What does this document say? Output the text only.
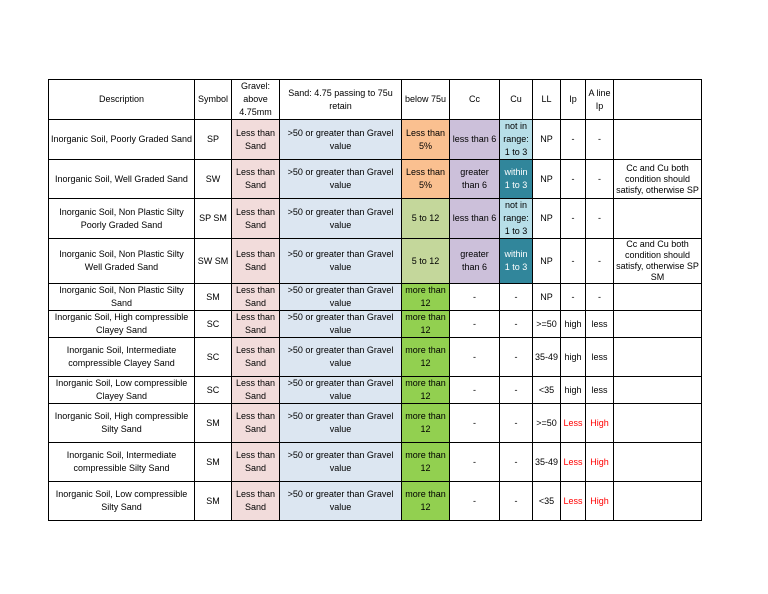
Description	Symbol	Gravel: above 4.75mm	Sand: 4.75 passing to 75u retain	below 75u	Cc	Cu	LL	Ip	A line Ip	
Inorganic Soil, Poorly Graded Sand	SP	Less than Sand	>50 or greater than Gravel value	Less than 5%	less than 6	not in range: 1 to 3	NP	-	-	
Inorganic Soil, Well Graded Sand	SW	Less than Sand	>50 or greater than Gravel value	Less than 5%	greater than 6	within 1 to 3	NP	-	-	Cc and Cu both condition should satisfy, otherwise SP
Inorganic Soil, Non Plastic Silty Poorly Graded Sand	SP SM	Less than Sand	>50 or greater than Gravel value	5 to 12	less than 6	not in range: 1 to 3	NP	-	-	
Inorganic Soil, Non Plastic Silty Well Graded Sand	SW SM	Less than Sand	>50 or greater than Gravel value	5 to 12	greater than 6	within 1 to 3	NP	-	-	Cc and Cu both condition should satisfy, otherwise SP SM
Inorganic Soil, Non Plastic Silty Sand	SM	Less than Sand	>50 or greater than Gravel value	more than 12	-	-	NP	-	-	
Inorganic Soil, High compressible Clayey Sand	SC	Less than Sand	>50 or greater than Gravel value	more than 12	-	-	>=50	high	less	
Inorganic Soil, Intermediate compressible Clayey Sand	SC	Less than Sand	>50 or greater than Gravel value	more than 12	-	-	35-49	high	less	
Inorganic Soil, Low compressible Clayey Sand	SC	Less than Sand	>50 or greater than Gravel value	more than 12	-	-	<35	high	less	
Inorganic Soil, High compressible Silty Sand	SM	Less than Sand	>50 or greater than Gravel value	more than 12	-	-	>=50	Less	High	
Inorganic Soil, Intermediate compressible Silty Sand	SM	Less than Sand	>50 or greater than Gravel value	more than 12	-	-	35-49	Less	High	
Inorganic Soil, Low compressible Silty Sand	SM	Less than Sand	>50 or greater than Gravel value	more than 12	-	-	<35	Less	High	
